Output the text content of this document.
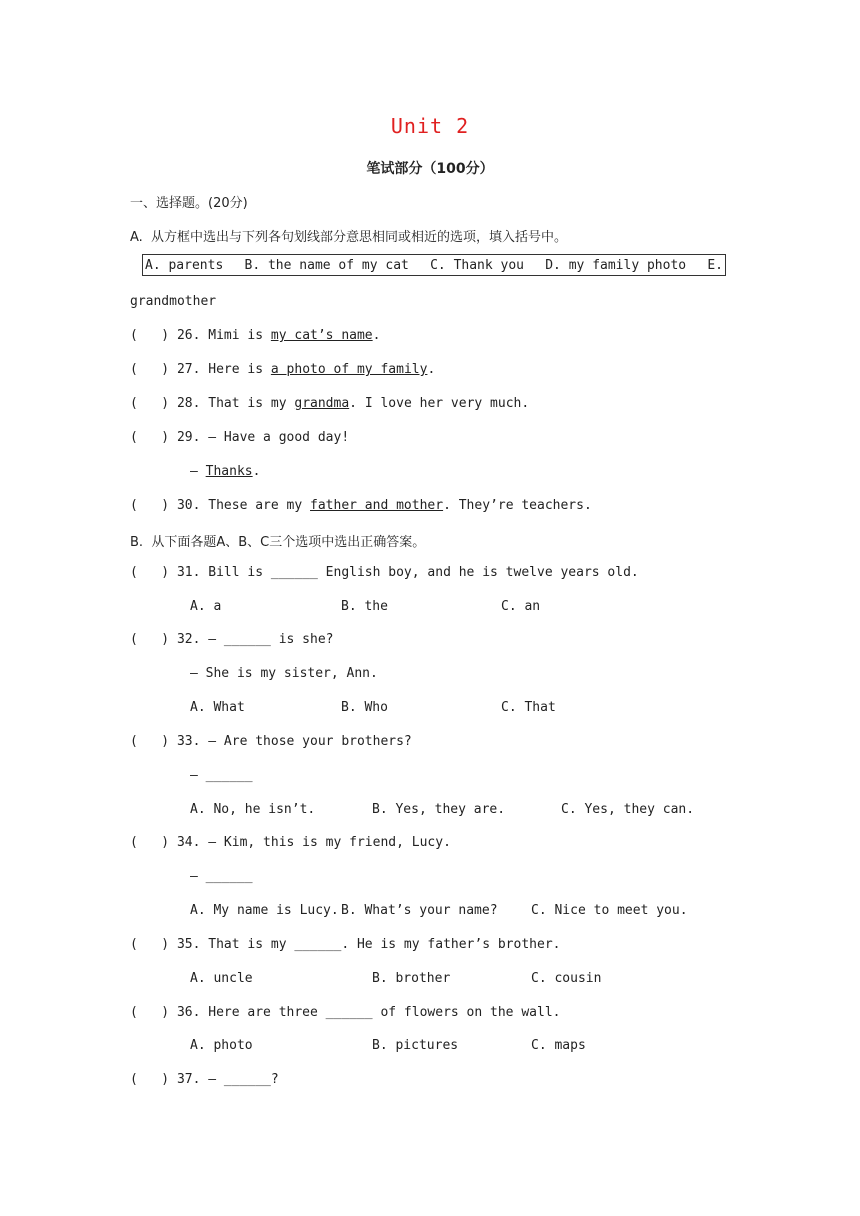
Unit 2
笔试部分（100分）
一、选择题。(20分)
A.  从方框中选出与下列各句划线部分意思相同或相近的选项，填入括号中。
A. parents B. the name of my cat C. Thank you D. my family photo E.
grandmother
(   ) 26. Mimi is my cat’s name.
(   ) 27. Here is a photo of my family.
(   ) 28. That is my grandma. I love her very much.
(   ) 29. — Have a good day!
— Thanks.
(   ) 30. These are my father and mother. They’re teachers.
B.  从下面各题A、B、C三个选项中选出正确答案。
(   ) 31. Bill is ______ English boy, and he is twelve years old.
A. a	B. the	C. an
(   ) 32. — ______ is she?
— She is my sister, Ann.
A. What	B. Who	C. That
(   ) 33. — Are those your brothers?
— ______
A. No, he isn’t.	B. Yes, they are.	C. Yes, they can.
(   ) 34. — Kim, this is my friend, Lucy.
— ______
A. My name is Lucy. B. What’s your name?	C. Nice to meet you.
(   ) 35. That is my ______. He is my father’s brother.
A. uncle	B. brother	C. cousin
(   ) 36. Here are three ______ of flowers on the wall.
A. photo	B. pictures	C. maps
(   ) 37. — ______?
